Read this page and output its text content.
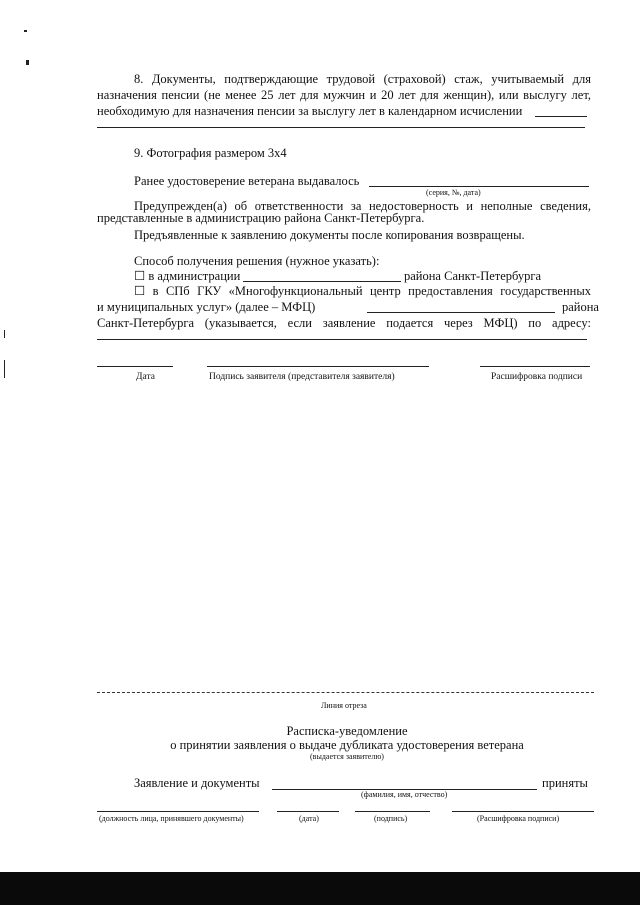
8. Документы, подтверждающие трудовой (страховой) стаж, учитываемый для
назначения пенсии (не менее 25 лет для мужчин и 20 лет для женщин), или выслугу лет,
необходимую для назначения пенсии за выслугу лет в календарном исчислении
9. Фотография размером 3х4
Ранее удостоверение ветерана выдавалось
(серия, №, дата)
Предупрежден(а) об ответственности за недостоверность и неполные сведения,
представленные в администрацию района Санкт-Петербурга.
Предъявленные к заявлению документы после копирования возвращены.
Способ получения решения (нужное указать):
☐ в администрации	района Санкт-Петербурга
☐ в СПб ГКУ «Многофункциональный центр предоставления государственных
и муниципальных услуг» (далее – МФЦ)	района
Санкт-Петербурга (указывается, если заявление подается через МФЦ) по адресу:
Дата	Подпись заявителя (представителя заявителя)	Расшифровка подписи
Линия отреза
Расписка-уведомление
о принятии заявления о выдаче дубликата удостоверения ветерана
(выдается заявителю)
Заявление и документы	приняты
(фамилия, имя, отчество)
(должность лица, принявшего документы)	(дата)	(подпись)	(Расшифровка подписи)
